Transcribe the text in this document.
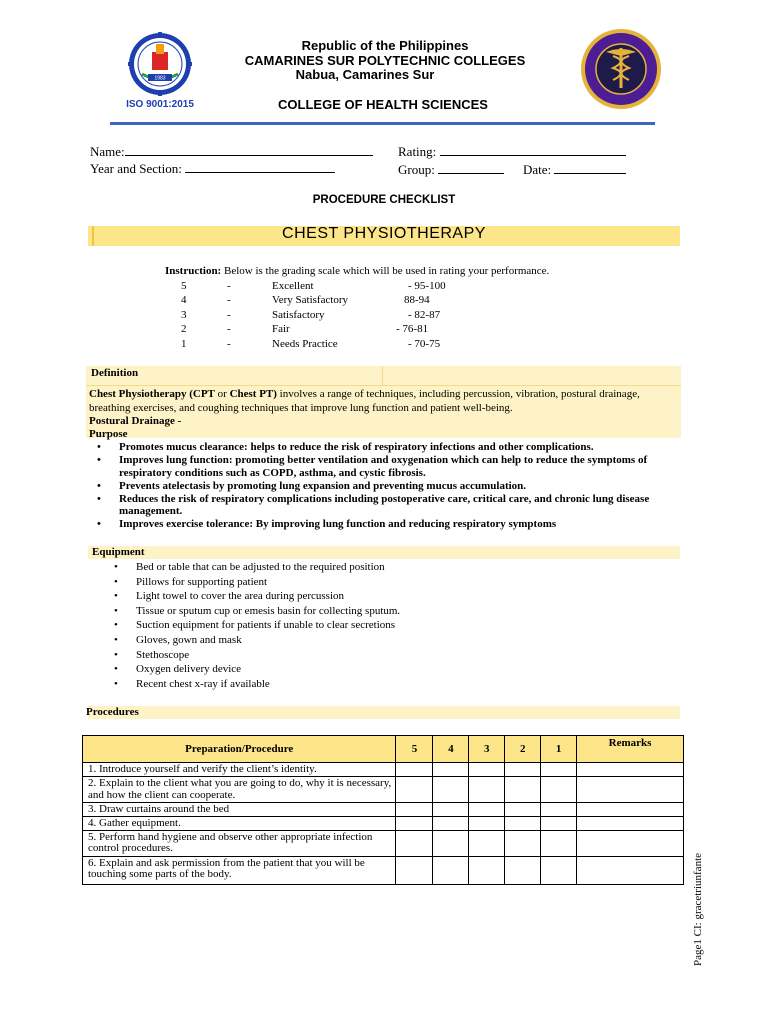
1983
ISO 9001:2015
Republic of the Philippines
CAMARINES SUR POLYTECHNIC COLLEGES
Nabua, Camarines Sur
COLLEGE OF HEALTH SCIENCES
Name:	Rating:
Year and Section:	Group:	Date:
PROCEDURE CHECKLIST
CHEST PHYSIOTHERAPY
Instruction: Below is the grading scale which will be used in rating your performance.
5	-	Excellent	- 95-100
4	-	Very Satisfactory	88-94
3	-	Satisfactory	- 82-87
2	-	Fair	- 76-81
1	-	Needs Practice	- 70-75
Definition
Chest Physiotherapy (CPT or Chest PT) involves a range of techniques, including percussion, vibration, postural drainage, breathing exercises, and coughing techniques that improve lung function and patient well-being.
Postural Drainage -
Purpose
• Promotes mucus clearance: helps to reduce the risk of respiratory infections and other complications.
• Improves lung function: promoting better ventilation and oxygenation which can help to reduce the symptoms of respiratory conditions such as COPD, asthma, and cystic fibrosis.
• Prevents atelectasis by promoting lung expansion and preventing mucus accumulation.
• Reduces the risk of respiratory complications including postoperative care, critical care, and chronic lung disease management.
• Improves exercise tolerance: By improving lung function and reducing respiratory symptoms
Equipment
• Bed or table that can be adjusted to the required position
• Pillows for supporting patient
• Light towel to cover the area during percussion
• Tissue or sputum cup or emesis basin for collecting sputum.
• Suction equipment for patients if unable to clear secretions
• Gloves, gown and mask
• Stethoscope
• Oxygen delivery device
• Recent chest x-ray if available
Procedures
Preparation/Procedure	5	4	3	2	1	Remarks
1. Introduce yourself and verify the client’s identity.						
2. Explain to the client what you are going to do, why it is necessary, and how the client can cooperate.						
3. Draw curtains around the bed						
4. Gather equipment.						
5. Perform hand hygiene and observe other appropriate infection control procedures.						
6. Explain and ask permission from the patient that you will be touching some parts of the body.							Page1 CI: gracetriunfante
